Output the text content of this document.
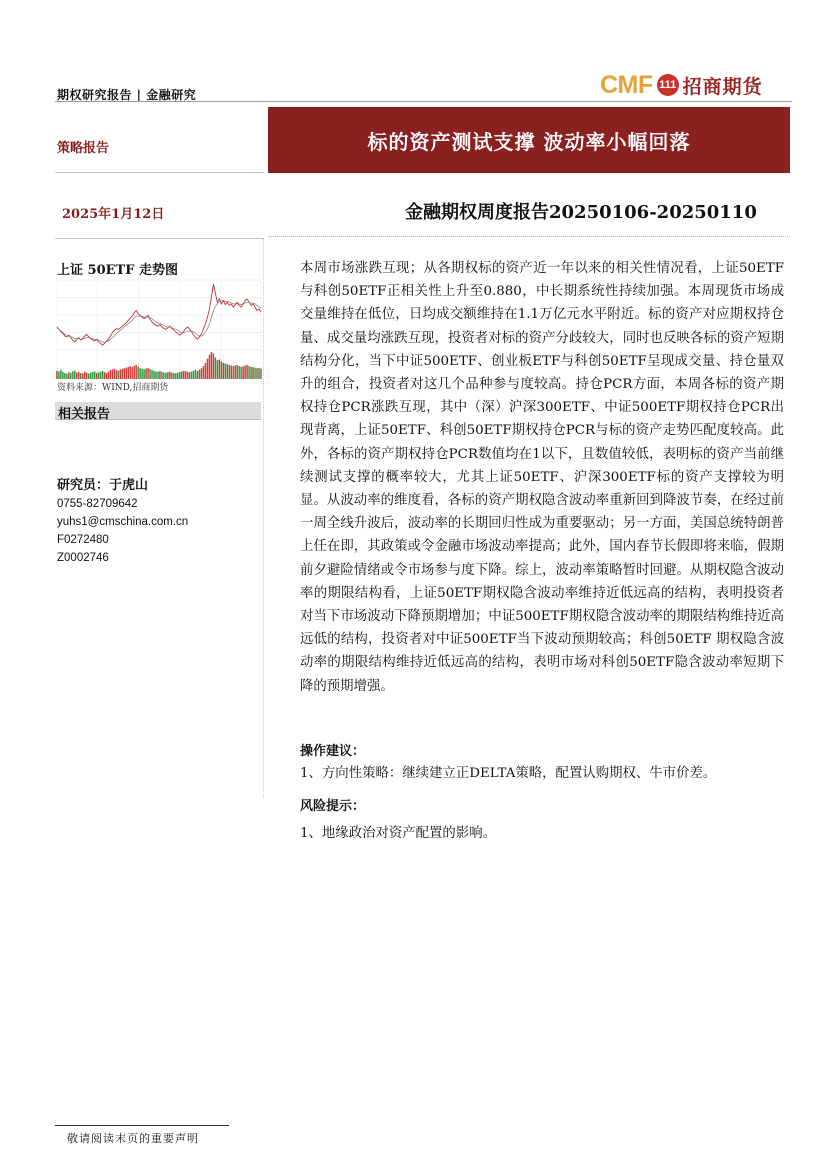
期权研究报告 | 金融研究	CMF 111 招商期货
策略报告
2025年1月12日
标的资产测试支撑 波动率小幅回落
金融期权周度报告20250106-20250110
上证 50ETF 走势图
资料来源：WIND,招商期货
相关报告
研究员：于虎山
0755-82709642
yuhs1@cmschina.com.cn
F0272480
Z0002746
本周市场涨跌互现；从各期权标的资产近一年以来的相关性情况看，上证50ETF与科创50ETF正相关性上升至0.880，中长期系统性持续加强。本周现货市场成交量维持在低位，日均成交额维持在1.1万亿元水平附近。标的资产对应期权持仓量、成交量均涨跌互现，投资者对标的资产分歧较大，同时也反映各标的资产短期结构分化，当下中证500ETF、创业板ETF与科创50ETF呈现成交量、持仓量双升的组合，投资者对这几个品种参与度较高。持仓PCR方面，本周各标的资产期权持仓PCR涨跌互现，其中（深）沪深300ETF、中证500ETF期权持仓PCR出现背离，上证50ETF、科创50ETF期权持仓PCR与标的资产走势匹配度较高。此外，各标的资产期权持仓PCR数值均在1以下，且数值较低，表明标的资产当前继续测试支撑的概率较大，尤其上证50ETF、沪深300ETF标的资产支撑较为明显。从波动率的维度看，各标的资产期权隐含波动率重新回到降波节奏，在经过前一周全线升波后，波动率的长期回归性成为重要驱动；另一方面，美国总统特朗普上任在即，其政策或令金融市场波动率提高；此外，国内春节长假即将来临，假期前夕避险情绪或令市场参与度下降。综上，波动率策略暂时回避。从期权隐含波动率的期限结构看，上证50ETF期权隐含波动率维持近低远高的结构，表明投资者对当下市场波动下降预期增加；中证500ETF期权隐含波动率的期限结构维持近高远低的结构，投资者对中证500ETF当下波动预期较高；科创50ETF 期权隐含波动率的期限结构维持近低远高的结构，表明市场对科创50ETF隐含波动率短期下降的预期增强。
操作建议：
1、方向性策略：继续建立正DELTA策略，配置认购期权、牛市价差。
风险提示：
1、地缘政治对资产配置的影响。
敬请阅读末页的重要声明
